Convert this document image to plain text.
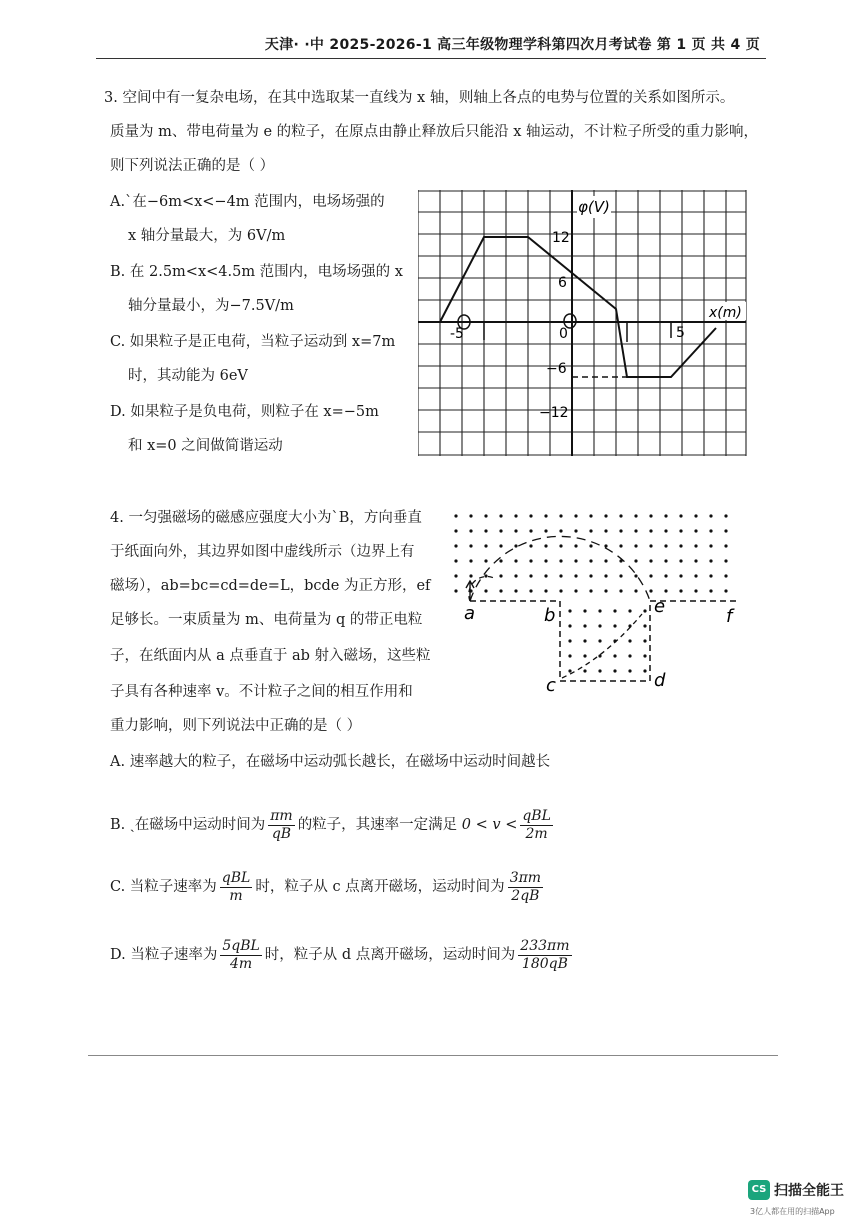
天津· ·中 2025-2026-1 高三年级物理学科第四次月考试卷 第 1 页 共 4 页
3. 空间中有一复杂电场，在其中选取某一直线为 x 轴，则轴上各点的电势与位置的关系如图所示。
质量为 m、带电荷量为 e 的粒子，在原点由静止释放后只能沿 x 轴运动，不计粒子所受的重力影响，
则下列说法正确的是（ ）
A.ˋ在−6m<x<−4m 范围内，电场场强的
x 轴分量最大，为 6V/m
B. 在 2.5m<x<4.5m 范围内，电场场强的 x
轴分量最小，为−7.5V/m
C. 如果粒子是正电荷，当粒子运动到 x=7m
时，其动能为 6eV
D. 如果粒子是负电荷，则粒子在 x=−5m
和 x=0 之间做简谐运动
φ(V)
x(m)
12
6
0
−6
−12
-5	5
4. 一匀强磁场的磁感应强度大小为ˋB，方向垂直
于纸面向外，其边界如图中虚线所示（边界上有
磁场），ab=bc=cd=de=L，bcde 为正方形，ef
足够长。一束质量为 m、电荷量为 q 的带正电粒
子，在纸面内从 a 点垂直于 ab 射入磁场，这些粒
子具有各种速率 v。不计粒子之间的相互作用和
重力影响，则下列说法中正确的是（ ）
A. 速率越大的粒子，在磁场中运动弧长越长，在磁场中运动时间越长
B. ˎ在磁场中运动时间为 $\frac{\pi m}{qB}$ 的粒子，其速率一定满足 $0 < v < \frac{\text{qBL}}{2m}$
C. 当粒子速率为 $\frac{\text{qBL}}{m}$ 时，粒子从 c 点离开磁场，运动时间为 $\frac{3\pi m}{2qB}$
D. 当粒子速率为 $\frac{\text{5qBL}}{4m}$ 时，粒子从 d 点离开磁场，运动时间为 $\frac{233\pi m}{180qB}$
a	b
c	d
e	f
CS 扫描全能王
3亿人都在用的扫描App
